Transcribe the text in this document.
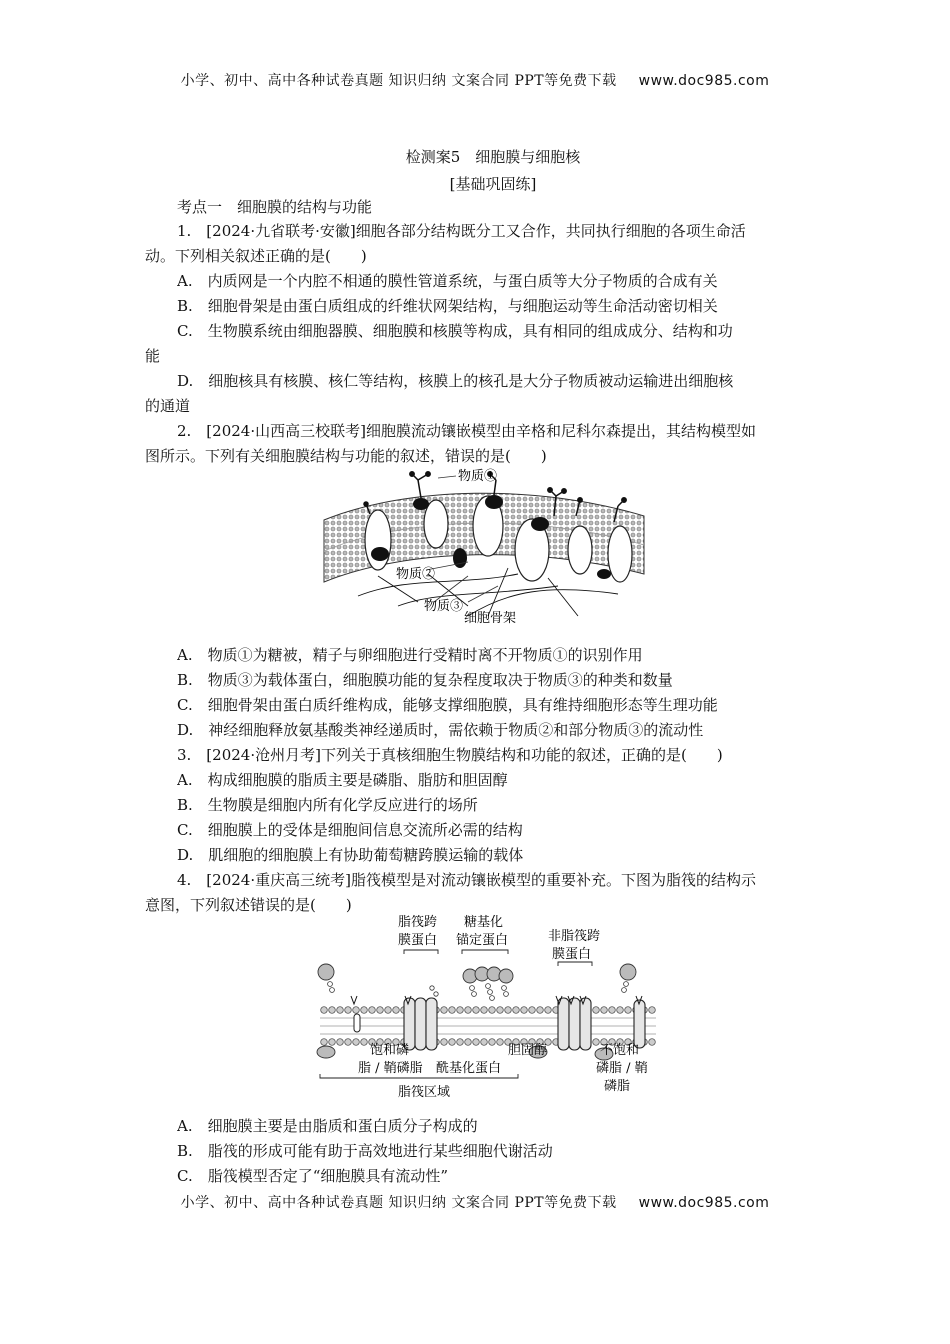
小学、初中、高中各种试卷真题 知识归纳 文案合同 PPT等免费下载 www.doc985.com
检测案5　细胞膜与细胞核
[基础巩固练]
考点一　细胞膜的结构与功能
1.　[2024·九省联考·安徽]细胞各部分结构既分工又合作，共同执行细胞的各项生命活
动。下列相关叙述正确的是(　　)
A.　内质网是一个内腔不相通的膜性管道系统，与蛋白质等大分子物质的合成有关
B.　细胞骨架是由蛋白质组成的纤维状网架结构，与细胞运动等生命活动密切相关
C.　生物膜系统由细胞器膜、细胞膜和核膜等构成，具有相同的组成成分、结构和功
能
D.　细胞核具有核膜、核仁等结构，核膜上的核孔是大分子物质被动运输进出细胞核
的通道
2.　[2024·山西高三校联考]细胞膜流动镶嵌模型由辛格和尼科尔森提出，其结构模型如
图所示。下列有关细胞膜结构与功能的叙述，错误的是(　　)
物质①
物质②
物质③
细胞骨架
A.　物质①为糖被，精子与卵细胞进行受精时离不开物质①的识别作用
B.　物质③为载体蛋白，细胞膜功能的复杂程度取决于物质③的种类和数量
C.　细胞骨架由蛋白质纤维构成，能够支撑细胞膜，具有维持细胞形态等生理功能
D.　神经细胞释放氨基酸类神经递质时，需依赖于物质②和部分物质③的流动性
3.　[2024·沧州月考]下列关于真核细胞生物膜结构和功能的叙述，正确的是(　　)
A.　构成细胞膜的脂质主要是磷脂、脂肪和胆固醇
B.　生物膜是细胞内所有化学反应进行的场所
C.　细胞膜上的受体是细胞间信息交流所必需的结构
D.　肌细胞的细胞膜上有协助葡萄糖跨膜运输的载体
4.　[2024·重庆高三统考]脂筏模型是对流动镶嵌模型的重要补充。下图为脂筏的结构示
意图，下列叙述错误的是(　　)
脂筏跨
膜蛋白
糖基化
锚定蛋白	非脂筏跨
膜蛋白
饱和磷
脂 / 鞘磷脂 酰基化蛋白
胆固醇	不饱和
磷脂 / 鞘
磷脂
脂筏区域
A.　细胞膜主要是由脂质和蛋白质分子构成的
B.　脂筏的形成可能有助于高效地进行某些细胞代谢活动
C.　脂筏模型否定了“细胞膜具有流动性”
小学、初中、高中各种试卷真题 知识归纳 文案合同 PPT等免费下载 www.doc985.com
